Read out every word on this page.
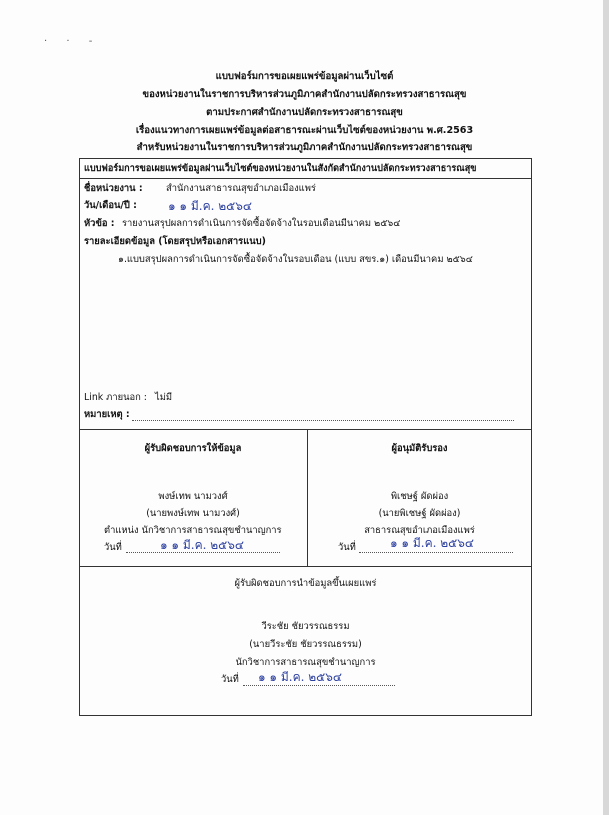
· · -
แบบฟอร์มการขอเผยแพร่ข้อมูลผ่านเว็บไซต์
ของหน่วยงานในราชการบริหารส่วนภูมิภาคสำนักงานปลัดกระทรวงสาธารณสุข
ตามประกาศสำนักงานปลัดกระทรวงสาธารณสุข
เรื่องแนวทางการเผยแพร่ข้อมูลต่อสาธารณะผ่านเว็บไซต์ของหน่วยงาน พ.ศ.2563
สำหรับหน่วยงานในราชการบริหารส่วนภูมิภาคสำนักงานปลัดกระทรวงสาธารณสุข
แบบฟอร์มการขอเผยแพร่ข้อมูลผ่านเว็บไซต์ของหน่วยงานในสังกัดสำนักงานปลัดกระทรวงสาธารณสุข
ชื่อหน่วยงาน : สำนักงานสาธารณสุขอำเภอเมืองแพร่
วัน/เดือน/ปี :	๑ ๑ มี.ค. ๒๕๖๔
หัวข้อ : รายงานสรุปผลการดำเนินการจัดซื้อจัดจ้างในรอบเดือนมีนาคม ๒๕๖๔
รายละเอียดข้อมูล (โดยสรุปหรือเอกสารแนบ)
๑.แบบสรุปผลการดำเนินการจัดซื้อจัดจ้างในรอบเดือน (แบบ สขร.๑) เดือนมีนาคม ๒๕๖๔
Link ภายนอก : ไม่มี
หมายเหตุ :
ผู้รับผิดชอบการให้ข้อมูล
พงษ์เทพ นามวงศ์
(นายพงษ์เทพ นามวงศ์)
ตำแหน่ง นักวิชาการสาธารณสุขชำนาญการ
วันที่	๑ ๑ มี.ค. ๒๕๖๔
ผู้อนุมัติรับรอง
พิเชษฐ์ ผัดผ่อง
(นายพิเชษฐ์ ผัดผ่อง)
สาธารณสุขอำเภอเมืองแพร่
วันที่	๑ ๑ มี.ค. ๒๕๖๔
ผู้รับผิดชอบการนำข้อมูลขึ้นเผยแพร่
วีระชัย ชัยวรรณธรรม
(นายวีระชัย ชัยวรรณธรรม)
นักวิชาการสาธารณสุขชำนาญการ
วันที่ ๑ ๑ มี.ค. ๒๕๖๔
